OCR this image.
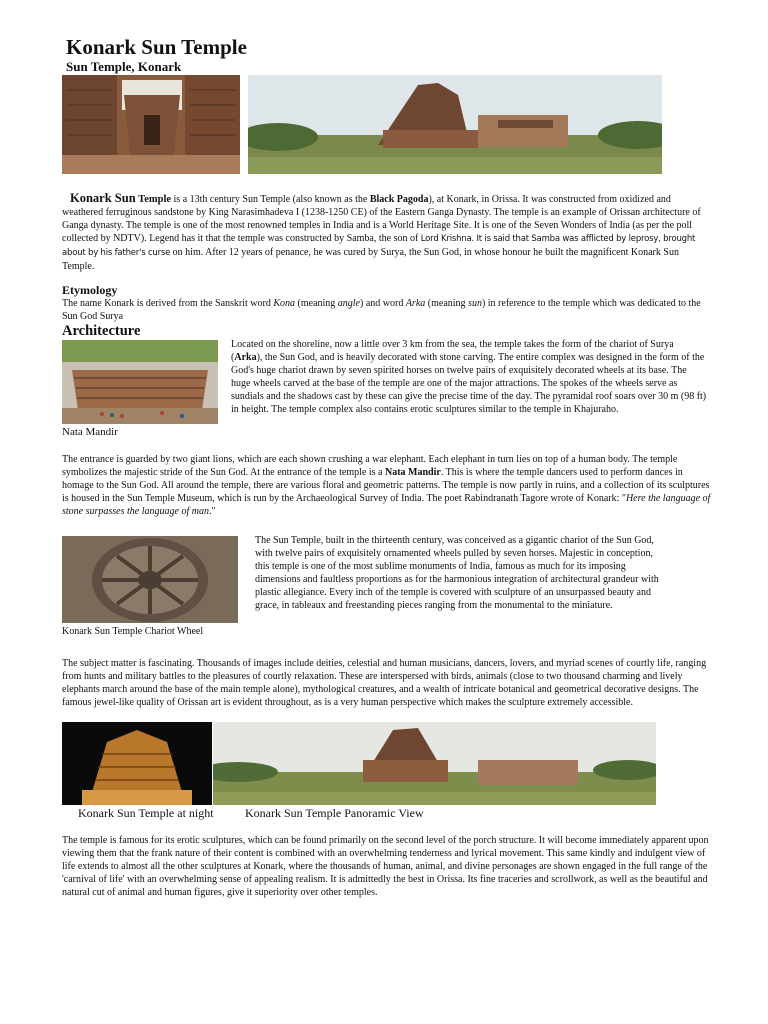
Konark Sun Temple
Sun Temple, Konark

Konark Sun Temple is a 13th century Sun Temple (also known as the Black Pagoda), at Konark, in Orissa. It was constructed from oxidized and weathered ferruginous sandstone by King Narasimhadeva I (1238-1250 CE) of the Eastern Ganga Dynasty. The temple is an example of Orissan architecture of Ganga dynasty. The temple is one of the most renowned temples in India and is a World Heritage Site. It is one of the Seven Wonders of India (as per the poll collected by NDTV). Legend has it that the temple was constructed by Samba, the son of Lord Krishna. It is said that Samba was afflicted by leprosy, brought about by his father's curse on him. After 12 years of penance, he was cured by Surya, the Sun God, in whose honour he built the magnificent Konark Sun Temple.

Etymology

The name Konark is derived from the Sanskrit word Kona (meaning angle) and word Arka (meaning sun) in reference to the temple which was dedicated to the Sun God Surya

Architecture
Nata Mandir

Located on the shoreline, now a little over 3 km from the sea, the temple takes the form of the chariot of Surya (Arka), the Sun God, and is heavily decorated with stone carving. The entire complex was designed in the form of the God's huge chariot drawn by seven spirited horses on twelve pairs of exquisitely decorated wheels at its base. The huge wheels carved at the base of the temple are one of the major attractions. The spokes of the wheels serve as sundials and the shadows cast by these can give the precise time of the day. The pyramidal roof soars over 30 m (98 ft) in height. The temple complex also contains erotic sculptures similar to the temple in Khajuraho.

The entrance is guarded by two giant lions, which are each shown crushing a war elephant. Each elephant in turn lies on top of a human body. The temple symbolizes the majestic stride of the Sun God. At the entrance of the temple is a Nata Mandir. This is where the temple dancers used to perform dances in homage to the Sun God. All around the temple, there are various floral and geometric patterns. The temple is now partly in ruins, and a collection of its sculptures is housed in the Sun Temple Museum, which is run by the Archaeological Survey of India. The poet Rabindranath Tagore wrote of Konark: "Here the language of stone surpasses the language of man."

Konark Sun Temple Chariot Wheel

The Sun Temple, built in the thirteenth century, was conceived as a gigantic chariot of the Sun God, with twelve pairs of exquisitely ornamented wheels pulled by seven horses. Majestic in conception, this temple is one of the most sublime monuments of India, famous as much for its imposing dimensions and faultless proportions as for the harmonious integration of architectural grandeur with plastic allegiance. Every inch of the temple is covered with sculpture of an unsurpassed beauty and grace, in tableaux and freestanding pieces ranging from the monumental to the miniature.

The subject matter is fascinating. Thousands of images include deities, celestial and human musicians, dancers, lovers, and myriad scenes of courtly life, ranging from hunts and military battles to the pleasures of courtly relaxation. These are interspersed with birds, animals (close to two thousand charming and lively elephants march around the base of the main temple alone), mythological creatures, and a wealth of intricate botanical and geometrical decorative designs. The famous jewel-like quality of Orissan art is evident throughout, as is a very human perspective which makes the sculpture extremely accessible.

Konark Sun Temple at night	Konark Sun Temple Panoramic View

The temple is famous for its erotic sculptures, which can be found primarily on the second level of the porch structure. It will become immediately apparent upon viewing them that the frank nature of their content is combined with an overwhelming tenderness and lyrical movement. This same kindly and indulgent view of life extends to almost all the other sculptures at Konark, where the thousands of human, animal, and divine personages are shown engaged in the full range of the 'carnival of life' with an overwhelming sense of appealing realism. It is admittedly the best in Orissa. Its fine traceries and scrollwork, as well as the beautiful and natural cut of animal and human figures, give it superiority over other temples.
